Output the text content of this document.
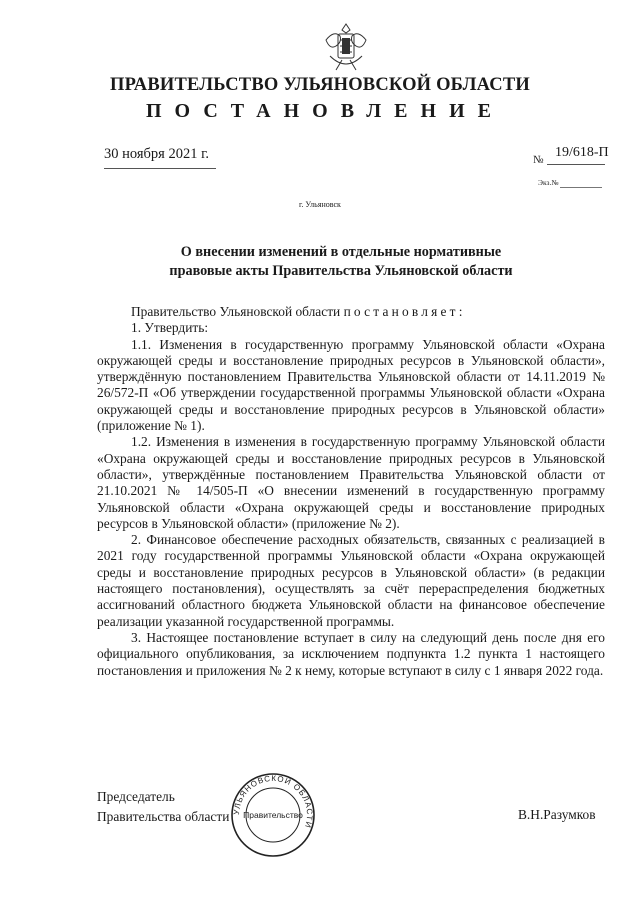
ПРАВИТЕЛЬСТВО УЛЬЯНОВСКОЙ ОБЛАСТИ
ПОСТАНОВЛЕНИЕ
30 ноября 2021 г.	№ 19/618-П
Экз.№
г. Ульяновск
О внесении изменений в отдельные нормативные
правовые акты Правительства Ульяновской области

Правительство Ульяновской области постановляет:

1. Утвердить:

1.1. Изменения в государственную программу Ульяновской области «Охрана окружающей среды и восстановление природных ресурсов в Ульяновской области», утверждённую постановлением Правительства Ульяновской области от 14.11.2019 № 26/572-П «Об утверждении государственной программы Ульяновской области «Охрана окружающей среды и восстановление природных ресурсов в Ульяновской области» (приложение № 1).

1.2. Изменения в изменения в государственную программу Ульяновской области «Охрана окружающей среды и восстановление природных ресурсов в Ульяновской области», утверждённые постановлением Правительства Ульяновской области от 21.10.2021 № 14/505-П «О внесении изменений в государственную программу Ульяновской области «Охрана окружающей среды и восстановление природных ресурсов в Ульяновской области» (приложение № 2).

2. Финансовое обеспечение расходных обязательств, связанных с реализацией в 2021 году государственной программы Ульяновской области «Охрана окружающей среды и восстановление природных ресурсов в Ульяновской области» (в редакции настоящего постановления), осуществлять за счёт перераспределения бюджетных ассигнований областного бюджета Ульяновской области на финансовое обеспечение реализации указанной государственной программы.

3. Настоящее постановление вступает в силу на следующий день после дня его официального опубликования, за исключением подпункта 1.2 пункта 1 настоящего постановления и приложения № 2 к нему, которые вступают в силу с 1 января 2022 года.

Председатель
Правительства области	В.Н.Разумков
УЛЬЯНОВСКОЙ ОБЛАСТИ
Правительство
